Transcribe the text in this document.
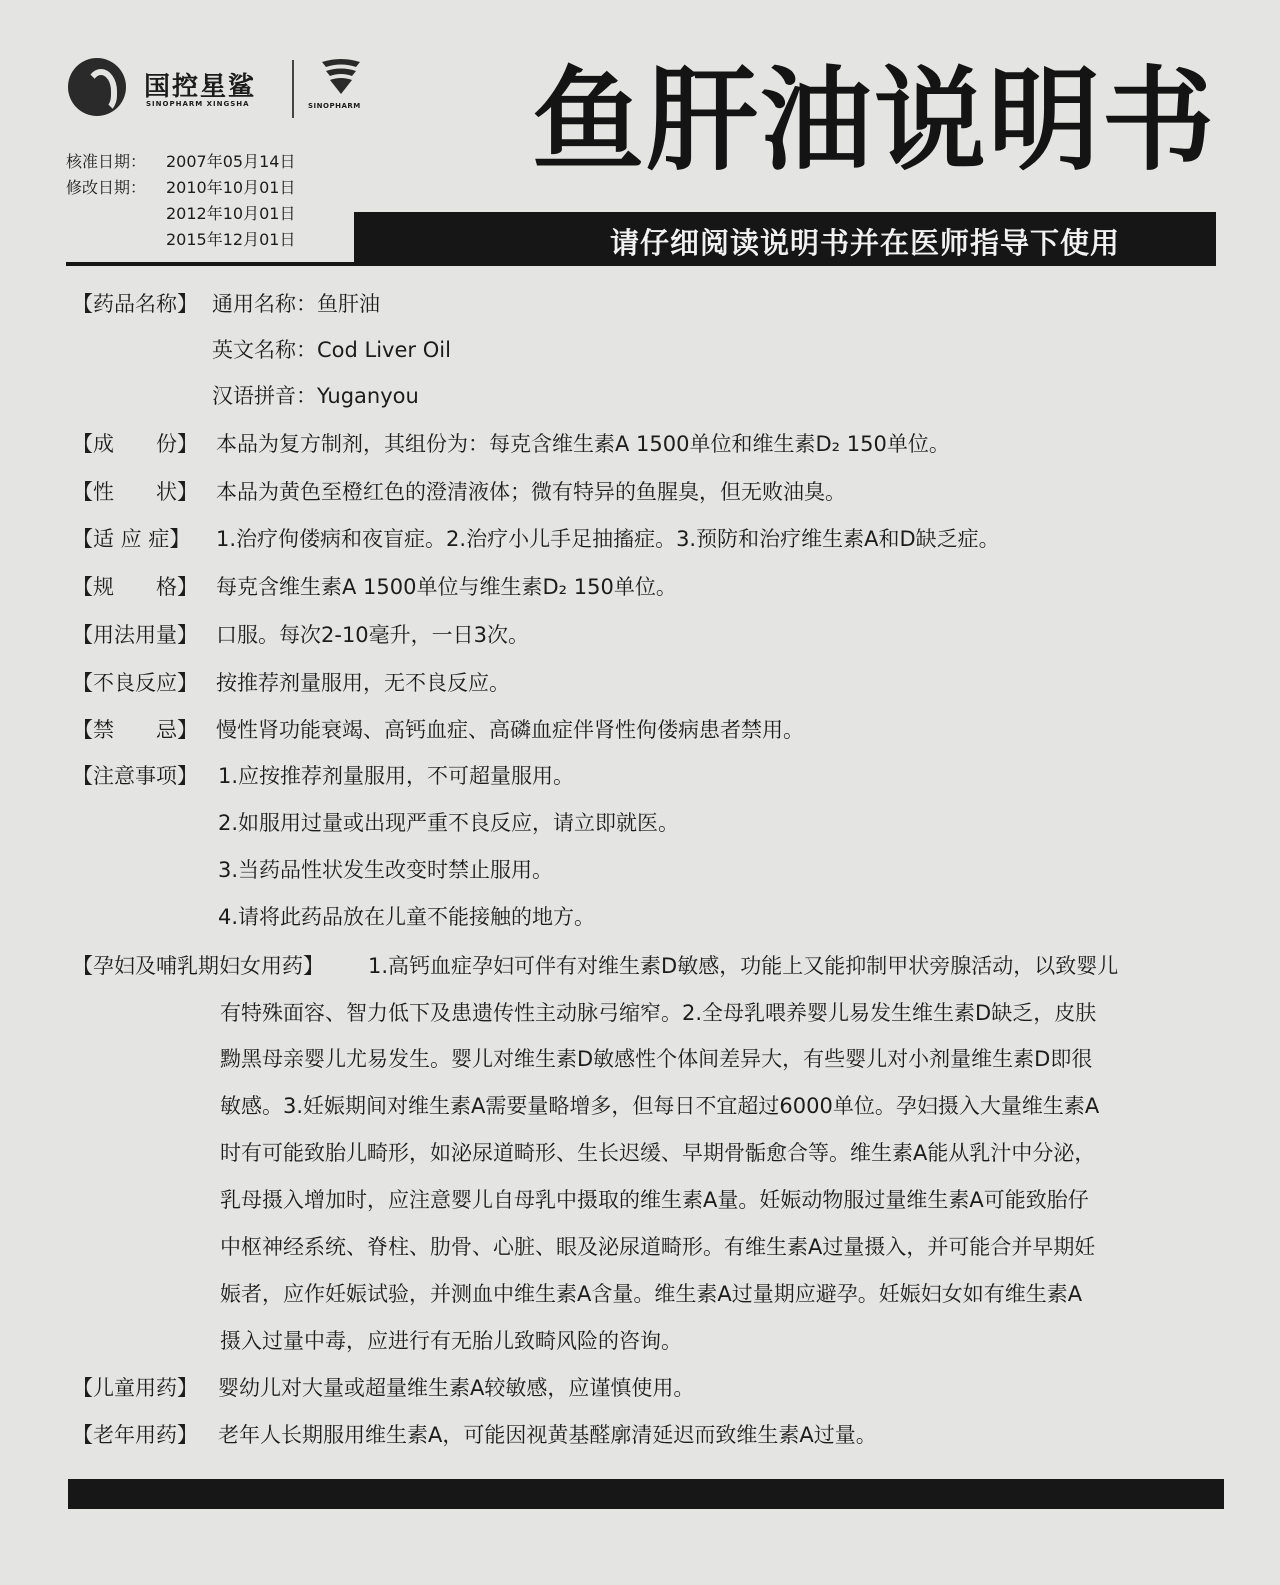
国控星鲨
SINOPHARM XINGSHA	SINOPHARM 鱼肝油说明书
核准日期： 2007年05月14日
修改日期： 2010年10月01日
2012年10月01日
2015年12月01日	请仔细阅读说明书并在医师指导下使用
【药品名称】 通用名称：鱼肝油
英文名称：Cod Liver Oil
汉语拼音：Yuganyou
【成　　份】 本品为复方制剂，其组份为：每克含维生素A 1500单位和维生素D₂ 150单位。
【性　　状】 本品为黄色至橙红色的澄清液体；微有特异的鱼腥臭，但无败油臭。
【适 应 症】 1.治疗佝偻病和夜盲症。2.治疗小儿手足抽搐症。3.预防和治疗维生素A和D缺乏症。
【规　　格】 每克含维生素A 1500单位与维生素D₂ 150单位。
【用法用量】 口服。每次2-10毫升，一日3次。
【不良反应】 按推荐剂量服用，无不良反应。
【禁　　忌】 慢性肾功能衰竭、高钙血症、高磷血症伴肾性佝偻病患者禁用。
【注意事项】 1.应按推荐剂量服用，不可超量服用。
2.如服用过量或出现严重不良反应，请立即就医。
3.当药品性状发生改变时禁止服用。
4.请将此药品放在儿童不能接触的地方。
【孕妇及哺乳期妇女用药】 1.高钙血症孕妇可伴有对维生素D敏感，功能上又能抑制甲状旁腺活动，以致婴儿
有特殊面容、智力低下及患遗传性主动脉弓缩窄。2.全母乳喂养婴儿易发生维生素D缺乏，皮肤
黝黑母亲婴儿尤易发生。婴儿对维生素D敏感性个体间差异大，有些婴儿对小剂量维生素D即很
敏感。3.妊娠期间对维生素A需要量略增多，但每日不宜超过6000单位。孕妇摄入大量维生素A
时有可能致胎儿畸形，如泌尿道畸形、生长迟缓、早期骨骺愈合等。维生素A能从乳汁中分泌，
乳母摄入增加时，应注意婴儿自母乳中摄取的维生素A量。妊娠动物服过量维生素A可能致胎仔
中枢神经系统、脊柱、肋骨、心脏、眼及泌尿道畸形。有维生素A过量摄入，并可能合并早期妊
娠者，应作妊娠试验，并测血中维生素A含量。维生素A过量期应避孕。妊娠妇女如有维生素A
摄入过量中毒，应进行有无胎儿致畸风险的咨询。
【儿童用药】 婴幼儿对大量或超量维生素A较敏感，应谨慎使用。
【老年用药】 老年人长期服用维生素A，可能因视黄基醛廓清延迟而致维生素A过量。
